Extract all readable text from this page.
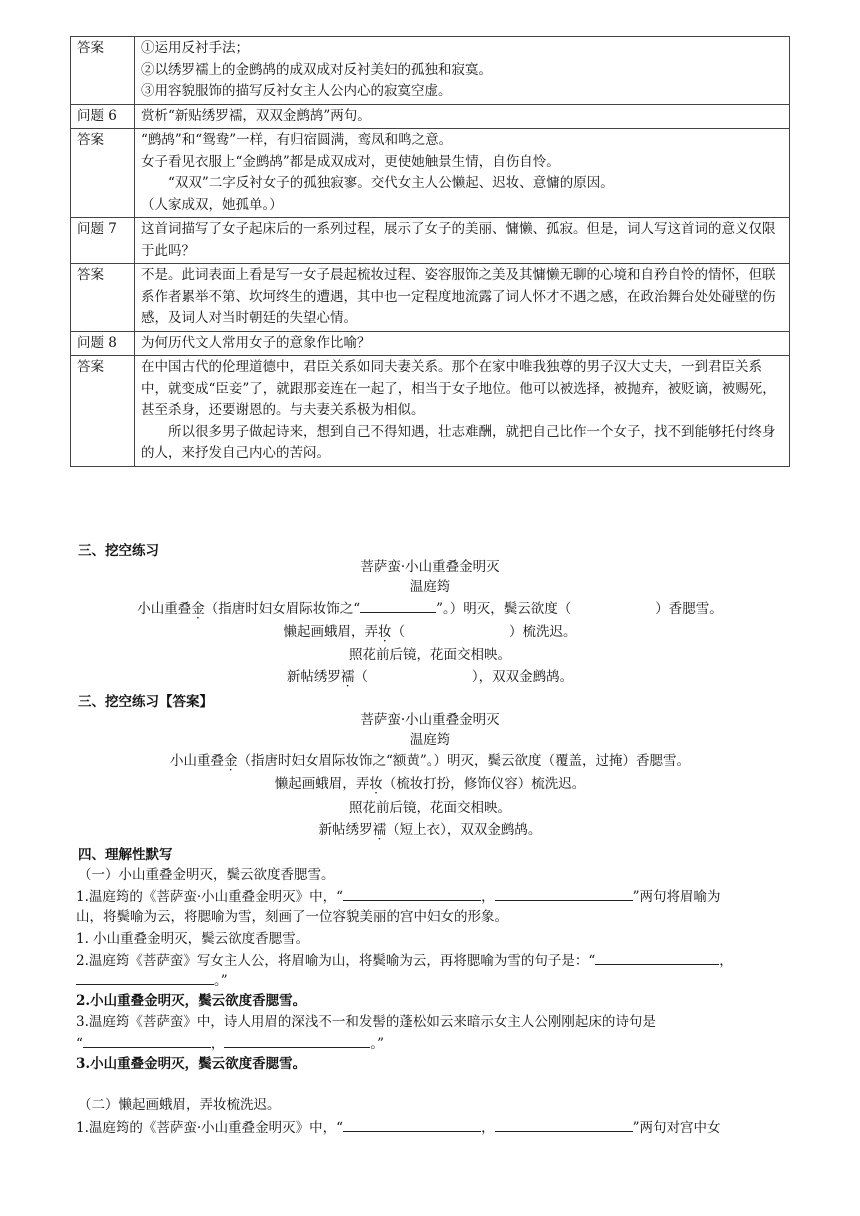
答案	①运用反衬手法；
②以绣罗襦上的金鹧鸪的成双成对反衬美妇的孤独和寂寞。
③用容貌服饰的描写反衬女主人公内心的寂寞空虚。

问题 6	赏析“新贴绣罗襦，双双金鹧鸪”两句。

答案	“鹧鸪”和“鸳鸯”一样，有归宿圆满，鸾凤和鸣之意。
女子看见衣服上“金鹧鸪”都是成双成对，更使她触景生情，自伤自怜。
“双双”二字反衬女子的孤独寂寥。交代女主人公懒起、迟妆、意慵的原因。
（人家成双，她孤单。）

问题 7	这首词描写了女子起床后的一系列过程，展示了女子的美丽、慵懒、孤寂。但是，词人写这首词的意义仅限于此吗？

答案	不是。此词表面上看是写一女子晨起梳妆过程、姿容服饰之美及其慵懒无聊的心境和自矜自怜的情怀，但联系作者累举不第、坎坷终生的遭遇，其中也一定程度地流露了词人怀才不遇之感，在政治舞台处处碰壁的伤感，及词人对当时朝廷的失望心情。

问题 8	为何历代文人常用女子的意象作比喻？

答案	在中国古代的伦理道德中，君臣关系如同夫妻关系。那个在家中唯我独尊的男子汉大丈夫，一到君臣关系中，就变成“臣妾”了，就跟那妾连在一起了，相当于女子地位。他可以被选择，被抛弃，被贬谪，被赐死，甚至杀身，还要谢恩的。与夫妻关系极为相似。
所以很多男子做起诗来，想到自己不得知遇，壮志难酬，就把自己比作一个女子，找不到能够托付终身的人，来抒发自己内心的苦闷。
三、挖空练习
菩萨蛮·小山重叠金明灭
温庭筠
小山重叠金（指唐时妇女眉际妆饰之“	”。）明灭，鬓云欲度（	）香腮雪。
懒起画蛾眉，弄妆（	）梳洗迟。
照花前后镜，花面交相映。
新帖绣罗襦（	），双双金鹧鸪。
三、挖空练习【答案】
菩萨蛮·小山重叠金明灭
温庭筠
小山重叠金（指唐时妇女眉际妆饰之“额黄”。）明灭，鬓云欲度（覆盖，过掩）香腮雪。
懒起画蛾眉，弄妆（梳妆打扮，修饰仪容）梳洗迟。
照花前后镜，花面交相映。
新帖绣罗襦（短上衣），双双金鹧鸪。
四、理解性默写
（一）小山重叠金明灭，鬓云欲度香腮雪。
1.温庭筠的《菩萨蛮·小山重叠金明灭》中，“	，	”两句将眉喻为
山，将鬓喻为云，将腮喻为雪，刻画了一位容貌美丽的宫中妇女的形象。
1. 小山重叠金明灭，鬓云欲度香腮雪。
2.温庭筠《菩萨蛮》写女主人公，将眉喻为山，将鬓喻为云，再将腮喻为雪的句子是：“	，
。”
2.小山重叠金明灭，鬓云欲度香腮雪。
3.温庭筠《菩萨蛮》中，诗人用眉的深浅不一和发髻的蓬松如云来暗示女主人公刚刚起床的诗句是
“	，	。”
3.小山重叠金明灭，鬓云欲度香腮雪。
（二）懒起画蛾眉，弄妆梳洗迟。
1.温庭筠的《菩萨蛮·小山重叠金明灭》中，“	，	”两句对宫中女
